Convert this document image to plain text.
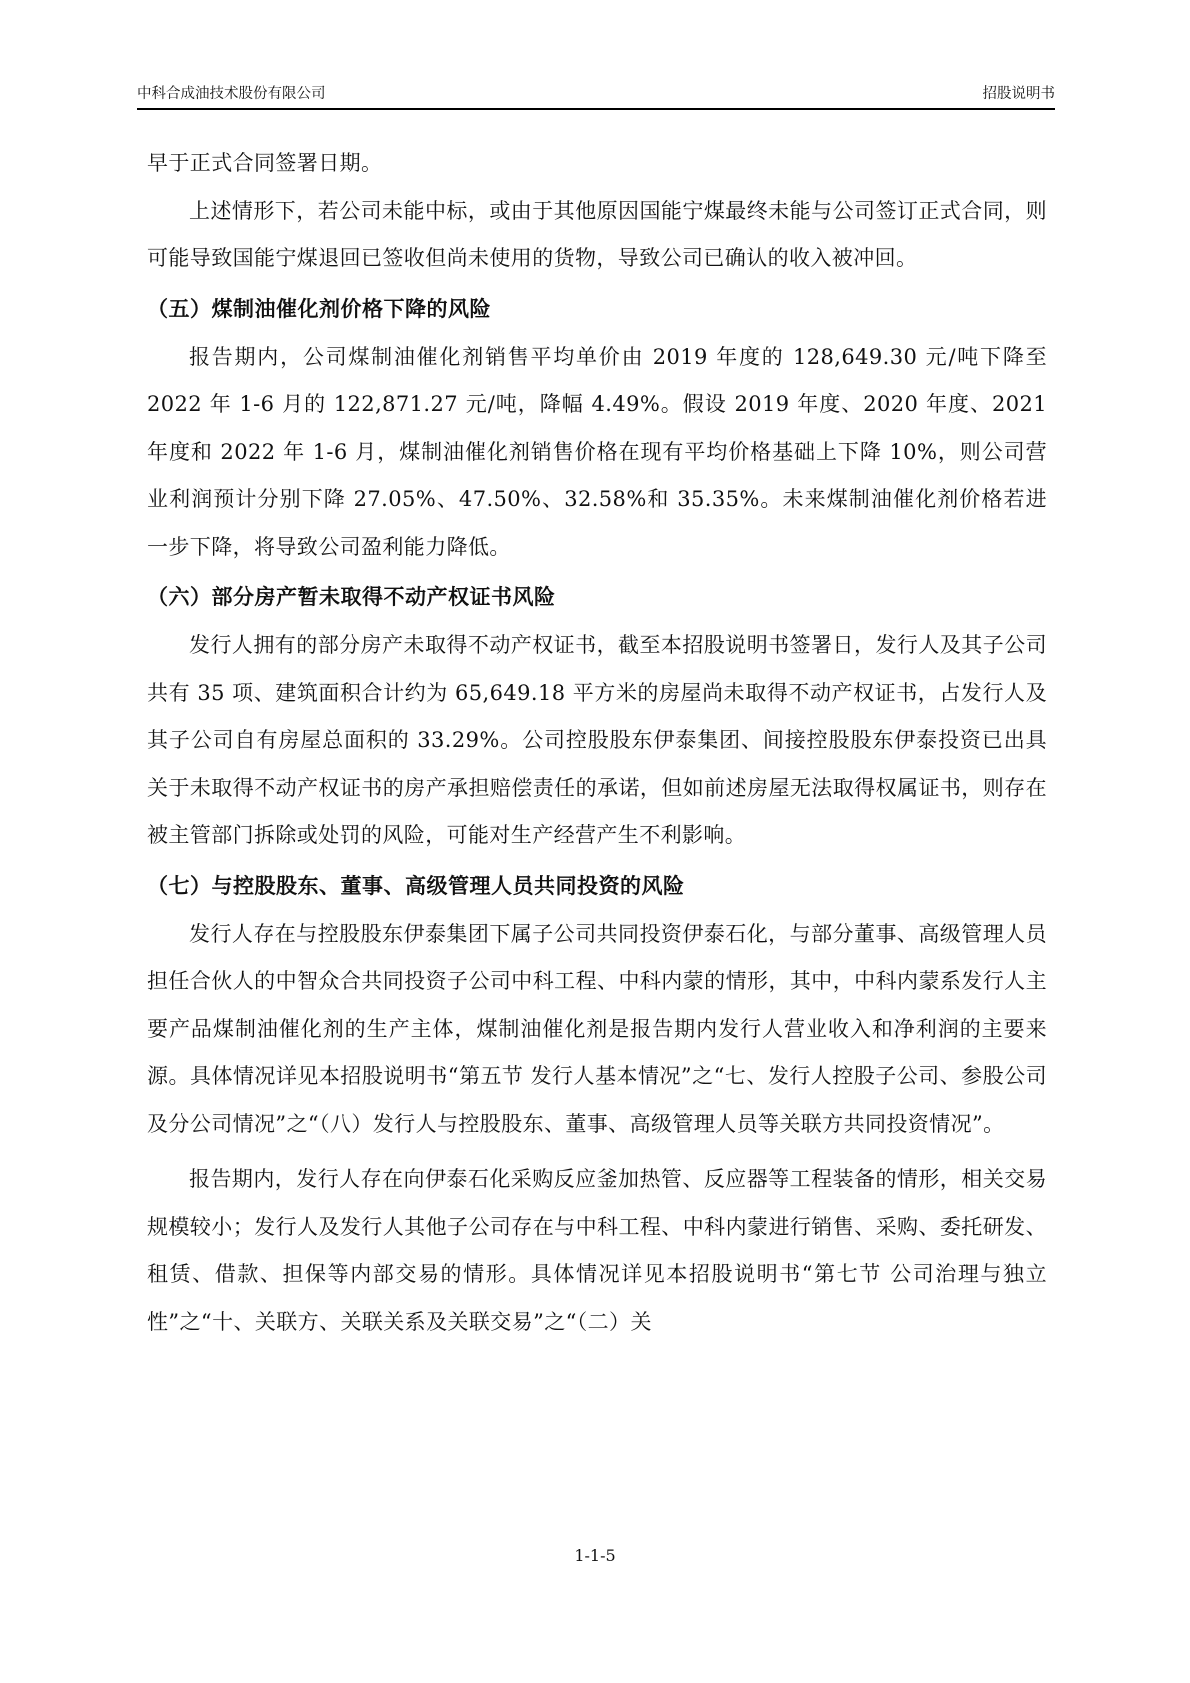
中科合成油技术股份有限公司	招股说明书

早于正式合同签署日期。

上述情形下，若公司未能中标，或由于其他原因国能宁煤最终未能与公司签订正式合同，则可能导致国能宁煤退回已签收但尚未使用的货物，导致公司已确认的收入被冲回。

（五）煤制油催化剂价格下降的风险

报告期内，公司煤制油催化剂销售平均单价由 2019 年度的 128,649.30 元/吨下降至 2022 年 1-6 月的 122,871.27 元/吨，降幅 4.49%。假设 2019 年度、2020 年度、2021 年度和 2022 年 1-6 月，煤制油催化剂销售价格在现有平均价格基础上下降 10%，则公司营业利润预计分别下降 27.05%、47.50%、32.58%和 35.35%。未来煤制油催化剂价格若进一步下降，将导致公司盈利能力降低。

（六）部分房产暂未取得不动产权证书风险

发行人拥有的部分房产未取得不动产权证书，截至本招股说明书签署日，发行人及其子公司共有 35 项、建筑面积合计约为 65,649.18 平方米的房屋尚未取得不动产权证书，占发行人及其子公司自有房屋总面积的 33.29%。公司控股股东伊泰集团、间接控股股东伊泰投资已出具关于未取得不动产权证书的房产承担赔偿责任的承诺，但如前述房屋无法取得权属证书，则存在被主管部门拆除或处罚的风险，可能对生产经营产生不利影响。

（七）与控股股东、董事、高级管理人员共同投资的风险

发行人存在与控股股东伊泰集团下属子公司共同投资伊泰石化，与部分董事、高级管理人员担任合伙人的中智众合共同投资子公司中科工程、中科内蒙的情形，其中，中科内蒙系发行人主要产品煤制油催化剂的生产主体，煤制油催化剂是报告期内发行人营业收入和净利润的主要来源。具体情况详见本招股说明书“第五节 发行人基本情况”之“七、发行人控股子公司、参股公司及分公司情况”之“（八）发行人与控股股东、董事、高级管理人员等关联方共同投资情况”。

报告期内，发行人存在向伊泰石化采购反应釜加热管、反应器等工程装备的情形，相关交易规模较小；发行人及发行人其他子公司存在与中科工程、中科内蒙进行销售、采购、委托研发、租赁、借款、担保等内部交易的情形。具体情况详见本招股说明书“第七节 公司治理与独立性”之“十、关联方、关联关系及关联交易”之“（二）关

1-1-5
